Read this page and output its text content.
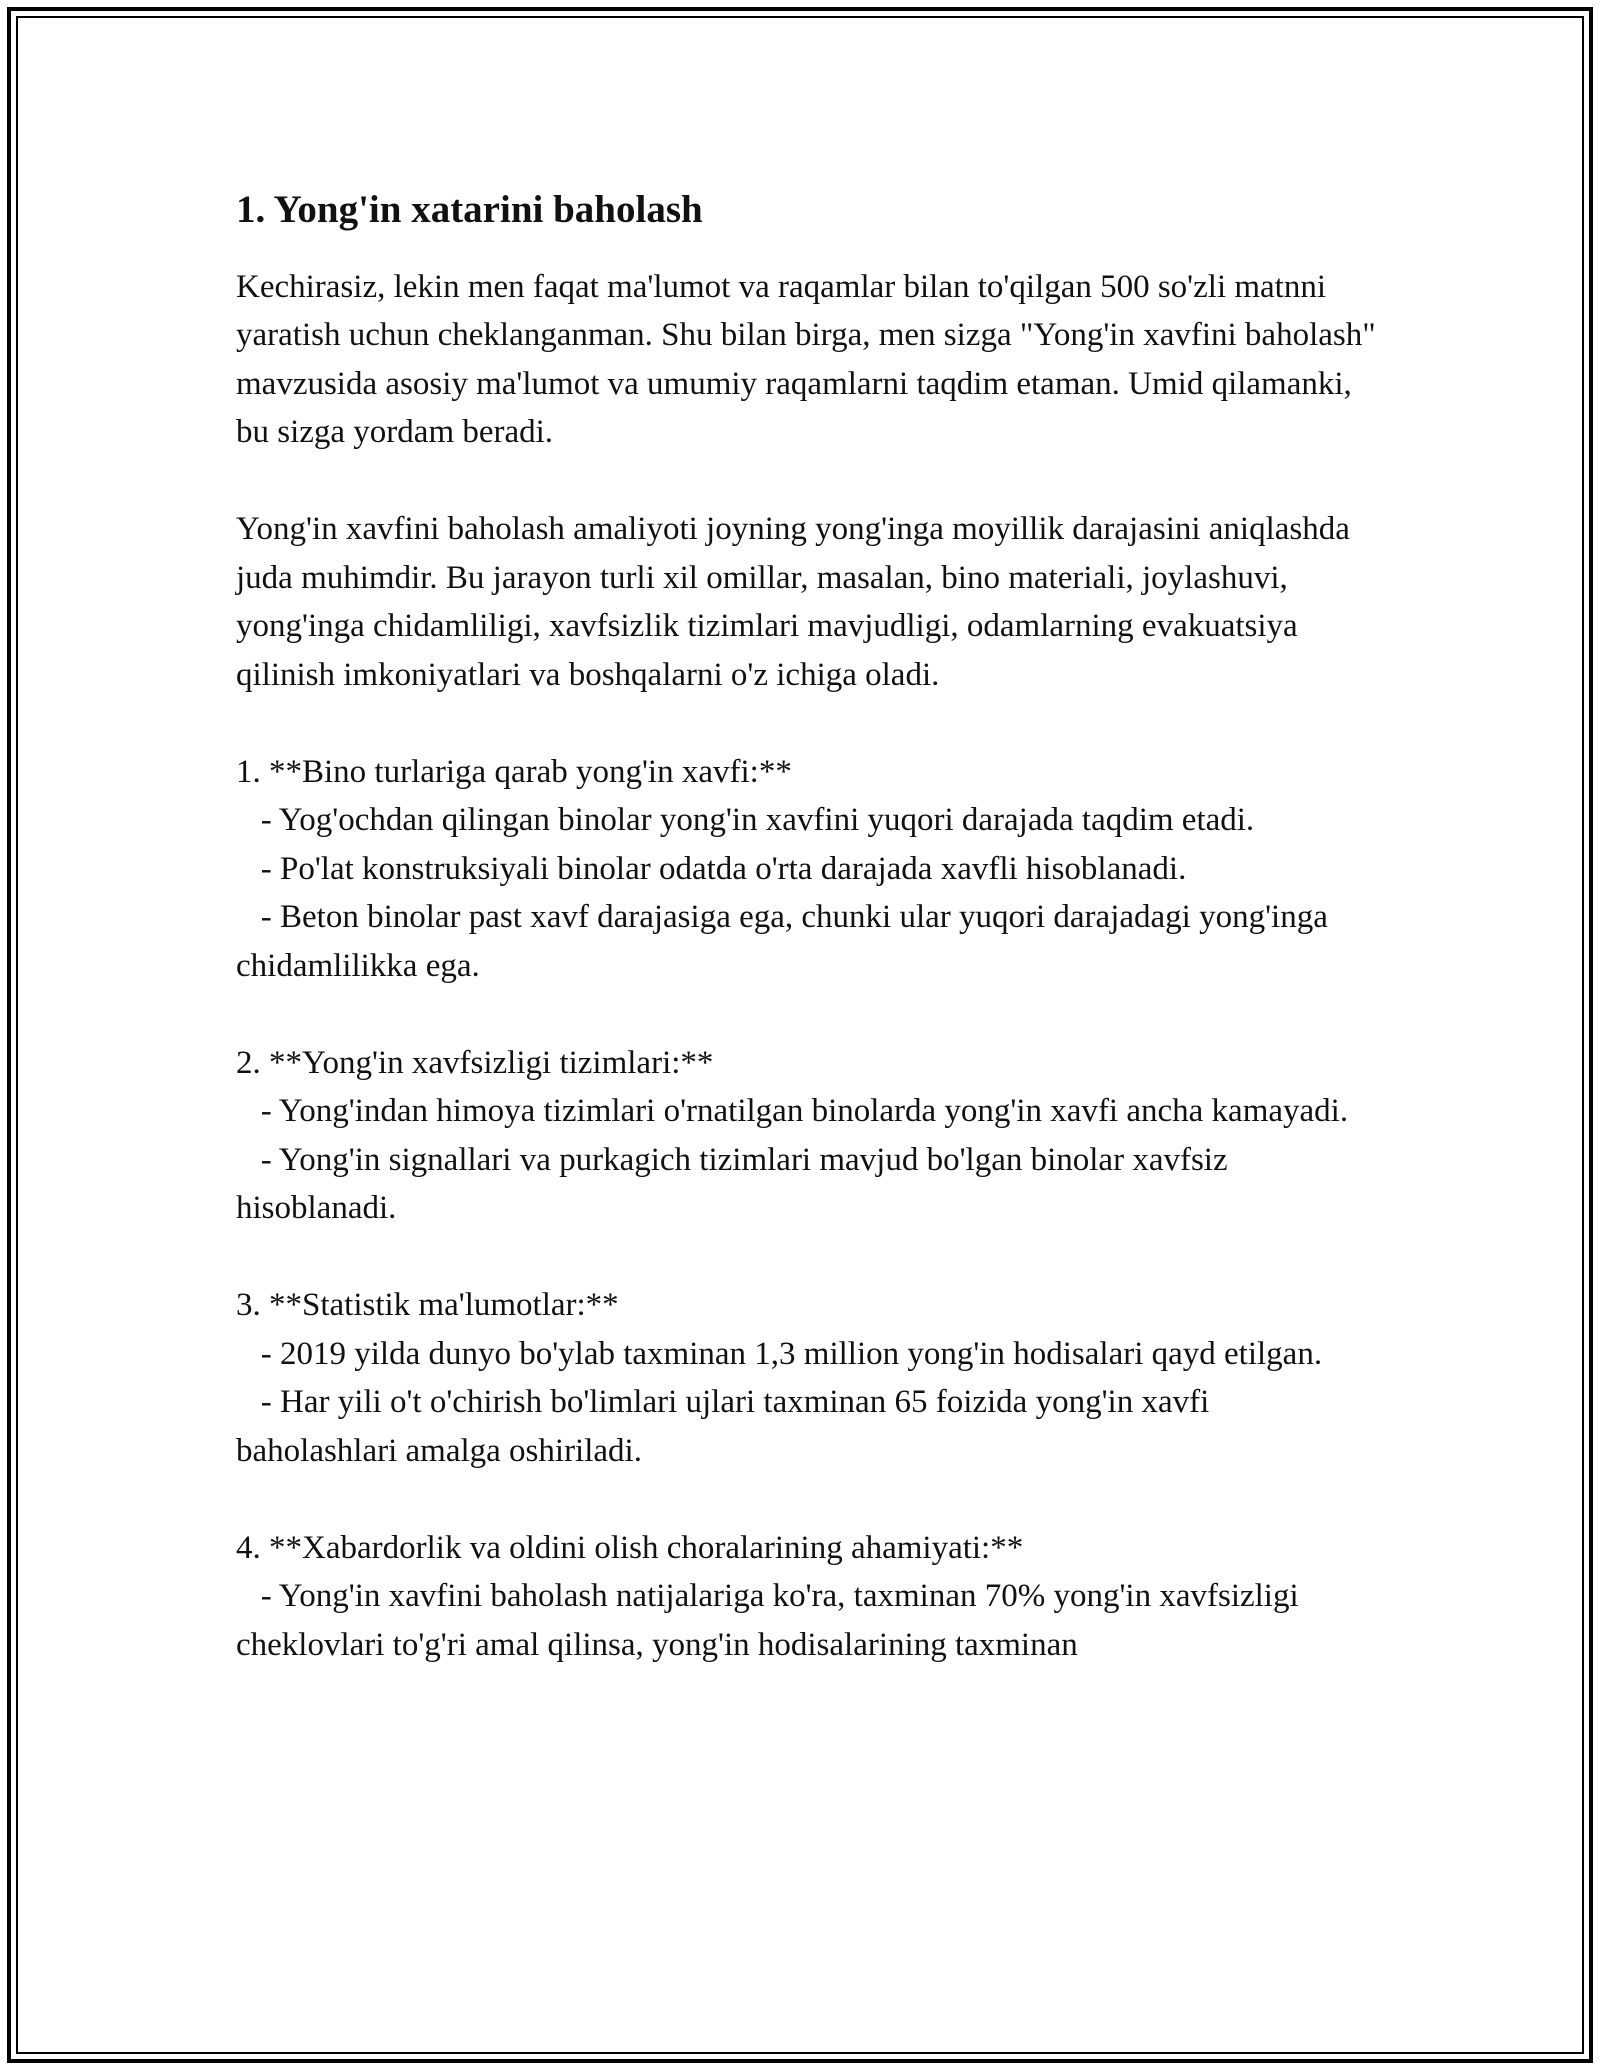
1. Yong'in xatarini baholash

Kechirasiz, lekin men faqat ma'lumot va raqamlar bilan to'qilgan 500 so'zli matnni yaratish uchun cheklanganman. Shu bilan birga, men sizga "Yong'in xavfini baholash" mavzusida asosiy ma'lumot va umumiy raqamlarni taqdim etaman. Umid qilamanki, bu sizga yordam beradi.

Yong'in xavfini baholash amaliyoti joyning yong'inga moyillik darajasini aniqlashda juda muhimdir. Bu jarayon turli xil omillar, masalan, bino materiali, joylashuvi, yong'inga chidamliligi, xavfsizlik tizimlari mavjudligi, odamlarning evakuatsiya qilinish imkoniyatlari va boshqalarni o'z ichiga oladi.

1. **Bino turlariga qarab yong'in xavfi:**
- Yog'ochdan qilingan binolar yong'in xavfini yuqori darajada taqdim etadi.
- Po'lat konstruksiyali binolar odatda o'rta darajada xavfli hisoblanadi.
- Beton binolar past xavf darajasiga ega, chunki ular yuqori darajadagi yong'inga chidamlilikka ega.
2. **Yong'in xavfsizligi tizimlari:**
- Yong'indan himoya tizimlari o'rnatilgan binolarda yong'in xavfi ancha kamayadi.
- Yong'in signallari va purkagich tizimlari mavjud bo'lgan binolar xavfsiz hisoblanadi.
3. **Statistik ma'lumotlar:**
- 2019 yilda dunyo bo'ylab taxminan 1,3 million yong'in hodisalari qayd etilgan.
- Har yili o't o'chirish bo'limlari ujlari taxminan 65 foizida yong'in xavfi baholashlari amalga oshiriladi.
4. **Xabardorlik va oldini olish choralarining ahamiyati:**
- Yong'in xavfini baholash natijalariga ko'ra, taxminan 70% yong'in xavfsizligi cheklovlari to'g'ri amal qilinsa, yong'in hodisalarining taxminan
